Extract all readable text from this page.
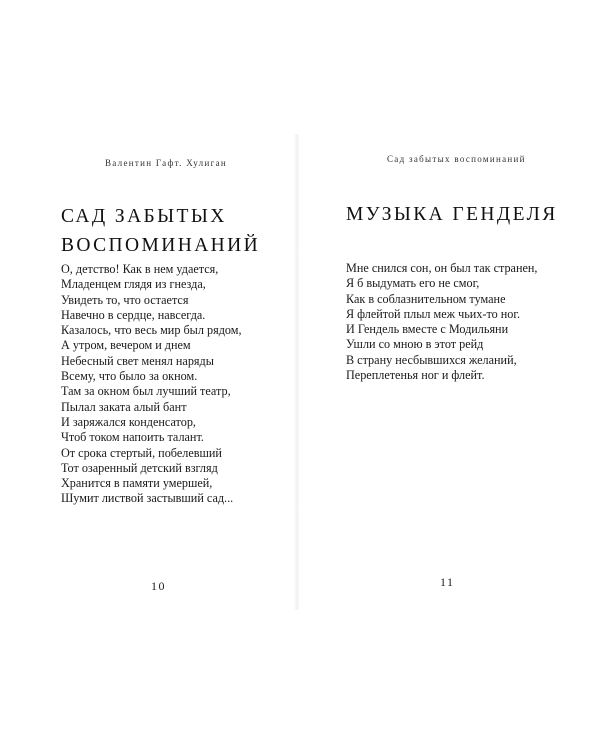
Валентин Гафт. Хулиган
САД ЗАБЫТЫХ
ВОСПОМИНАНИЙ
О, детство! Как в нем удается,
Младенцем глядя из гнезда,
Увидеть то, что остается
Навечно в сердце, навсегда.
Казалось, что весь мир был рядом,
А утром, вечером и днем
Небесный свет менял наряды
Всему, что было за окном.
Там за окном был лучший театр,
Пылал заката алый бант
И заряжался конденсатор,
Чтоб током напоить талант.
От срока стертый, побелевший
Тот озаренный детский взгляд
Хранится в памяти умершей,
Шумит листвой застывший сад...
10
Сад забытых воспоминаний
МУЗЫКА ГЕНДЕЛЯ
Мне снился сон, он был так странен,
Я б выдумать его не смог,
Как в соблазнительном тумане
Я флейтой плыл меж чьих-то ног.
И Гендель вместе с Модильяни
Ушли со мною в этот рейд
В страну несбывшихся желаний,
Переплетенья ног и флейт.
11
